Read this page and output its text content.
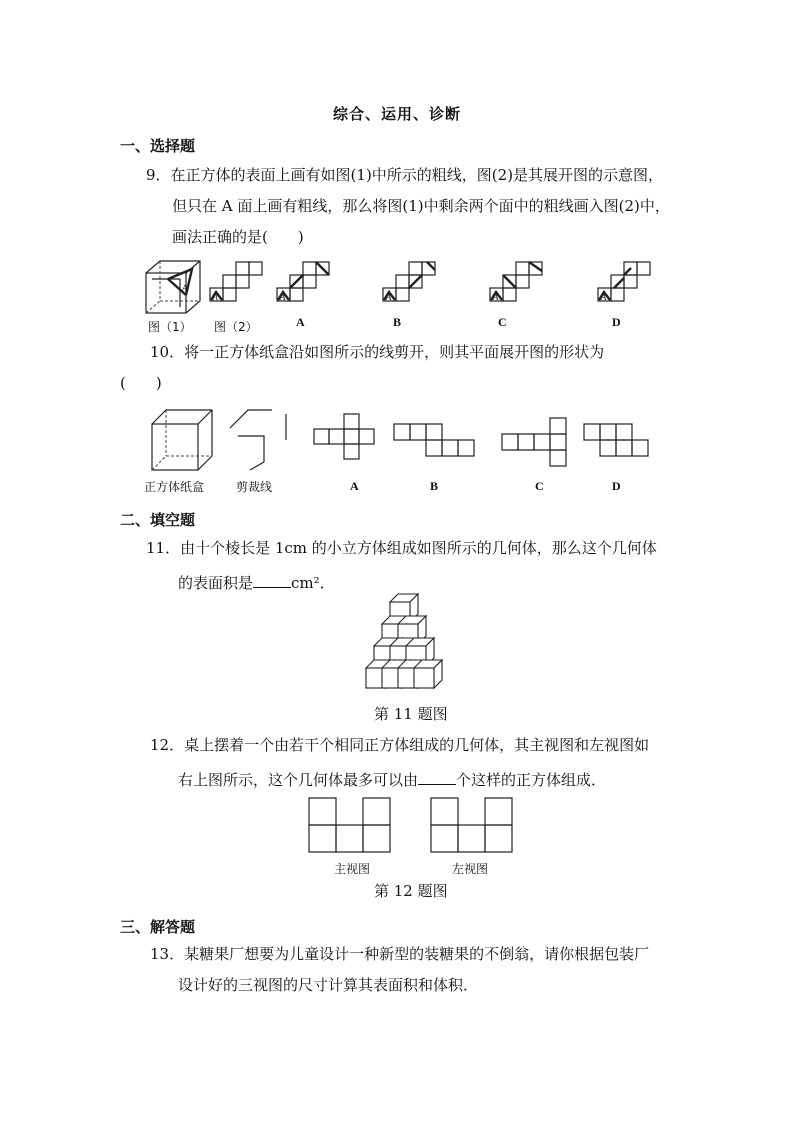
综合、运用、诊断
一、选择题
9．在正方体的表面上画有如图(1)中所示的粗线，图(2)是其展开图的示意图，
但只在 A 面上画有粗线，那么将图(1)中剩余两个面中的粗线画入图(2)中，
画法正确的是(　　)
A
A	A	A	A	A
图（1） 图（2）	A	B	C	D
10．将一正方体纸盒沿如图所示的线剪开，则其平面展开图的形状为
(　　)
正方体纸盒	剪裁线	A	B	C	D
二、填空题
11．由十个棱长是 1cm 的小立方体组成如图所示的几何体，那么这个几何体
的表面积是	cm²．
第 11 题图
12．桌上摆着一个由若干个相同正方体组成的几何体，其主视图和左视图如
右上图所示，这个几何体最多可以由	个这样的正方体组成．
主视图	左视图
第 12 题图
三、解答题
13．某糖果厂想要为儿童设计一种新型的装糖果的不倒翁，请你根据包装厂
设计好的三视图的尺寸计算其表面积和体积．
